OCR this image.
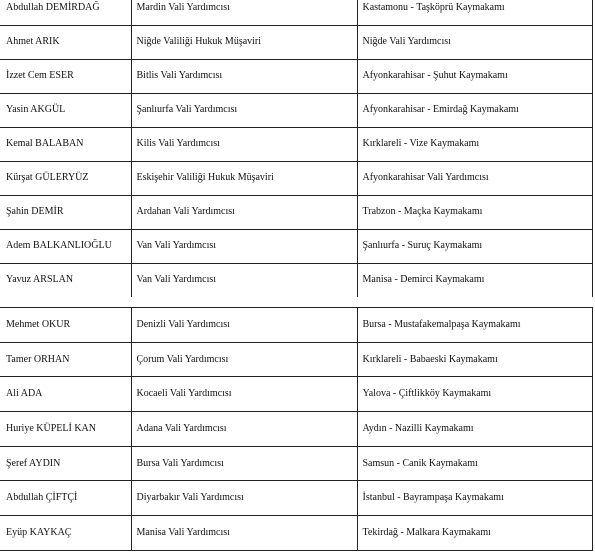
Abdullah DEMİRDAĞ	Mardin Vali Yardımcısı	Kastamonu - Taşköprü Kaymakamı
Ahmet ARIK	Niğde Valiliği Hukuk Müşaviri	Niğde Vali Yardımcısı
İzzet Cem ESER	Bitlis Vali Yardımcısı	Afyonkarahisar - Şuhut Kaymakamı
Yasin AKGÜL	Şanlıurfa Vali Yardımcısı	Afyonkarahisar - Emirdağ Kaymakamı
Kemal BALABAN	Kilis Vali Yardımcısı	Kırklareli - Vize Kaymakamı
Kürşat GÜLERYÜZ	Eskişehir Valiliği Hukuk Müşaviri	Afyonkarahisar Vali Yardımcısı
Şahin DEMİR	Ardahan Vali Yardımcısı	Trabzon - Maçka Kaymakamı
Adem BALKANLIOĞLU	Van Vali Yardımcısı	Şanlıurfa - Suruç Kaymakamı
Yavuz ARSLAN	Van Vali Yardımcısı	Manisa - Demirci Kaymakamı
Mehmet OKUR	Denizli Vali Yardımcısı	Bursa - Mustafakemalpaşa Kaymakamı
Tamer ORHAN	Çorum Vali Yardımcısı	Kırklareli - Babaeski Kaymakamı
Ali ADA	Kocaeli Vali Yardımcısı	Yalova - Çiftlikköy Kaymakamı
Huriye KÜPELİ KAN	Adana Vali Yardımcısı	Aydın - Nazilli Kaymakamı
Şeref AYDIN	Bursa Vali Yardımcısı	Samsun - Canik Kaymakamı
Abdullah ÇİFTÇİ	Diyarbakır Vali Yardımcısı	İstanbul - Bayrampaşa Kaymakamı
Eyüp KAYKAÇ	Manisa Vali Yardımcısı	Tekirdağ - Malkara Kaymakamı
